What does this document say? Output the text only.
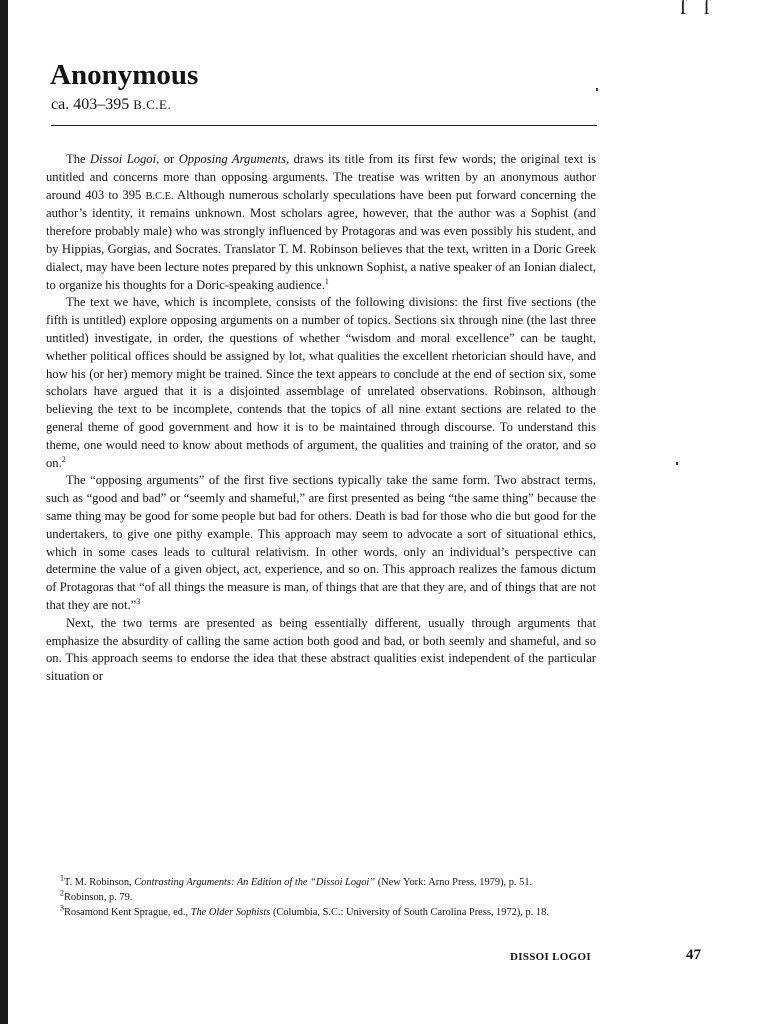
ſ ſ
Anonymous
ca. 403–395 B.C.E.

The Dissoi Logoi, or Opposing Arguments, draws its title from its first few words; the original text is untitled and concerns more than opposing arguments. The treatise was written by an anonymous author around 403 to 395 B.C.E. Although numerous scholarly speculations have been put forward concerning the author’s identity, it remains unknown. Most scholars agree, however, that the author was a Sophist (and therefore probably male) who was strongly influenced by Protagoras and was even possibly his student, and by Hippias, Gorgias, and Socrates. Translator T. M. Robinson believes that the text, written in a Doric Greek dialect, may have been lecture notes prepared by this unknown Sophist, a native speaker of an Ionian dialect, to organize his thoughts for a Doric-speaking audience.$^1$

The text we have, which is incomplete, consists of the following divisions: the first five sections (the fifth is untitled) explore opposing arguments on a number of topics. Sections six through nine (the last three untitled) investigate, in order, the questions of whether “wisdom and moral excellence” can be taught, whether political offices should be assigned by lot, what qualities the excellent rhetorician should have, and how his (or her) memory might be trained. Since the text appears to conclude at the end of section six, some scholars have argued that it is a disjointed assemblage of unrelated observations. Robinson, although believing the text to be incomplete, contends that the topics of all nine extant sections are related to the general theme of good government and how it is to be maintained through discourse. To understand this theme, one would need to know about methods of argument, the qualities and training of the orator, and so on.$^2$

The “opposing arguments” of the first five sections typically take the same form. Two abstract terms, such as “good and bad” or “seemly and shameful,” are first presented as being “the same thing” because the same thing may be good for some people but bad for others. Death is bad for those who die but good for the undertakers, to give one pithy example. This approach may seem to advocate a sort of situational ethics, which in some cases leads to cultural relativism. In other words, only an individual’s perspective can determine the value of a given object, act, experience, and so on. This approach realizes the famous dictum of Protagoras that “of all things the measure is man, of things that are that they are, and of things that are not that they are not.”$^3$

Next, the two terms are presented as being essentially different, usually through arguments that emphasize the absurdity of calling the same action both good and bad, or both seemly and shameful, and so on. This approach seems to endorse the idea that these abstract qualities exist independent of the particular situation or

$^1$T. M. Robinson, Contrasting Arguments: An Edition of the “Dissoi Logoi” (New York: Arno Press, 1979), p. 51.

$^2$Robinson, p. 79.

$^3$Rosamond Kent Sprague, ed., The Older Sophists (Columbia, S.C.: University of South Carolina Press, 1972), p. 18.

DISSOI LOGOI	47
